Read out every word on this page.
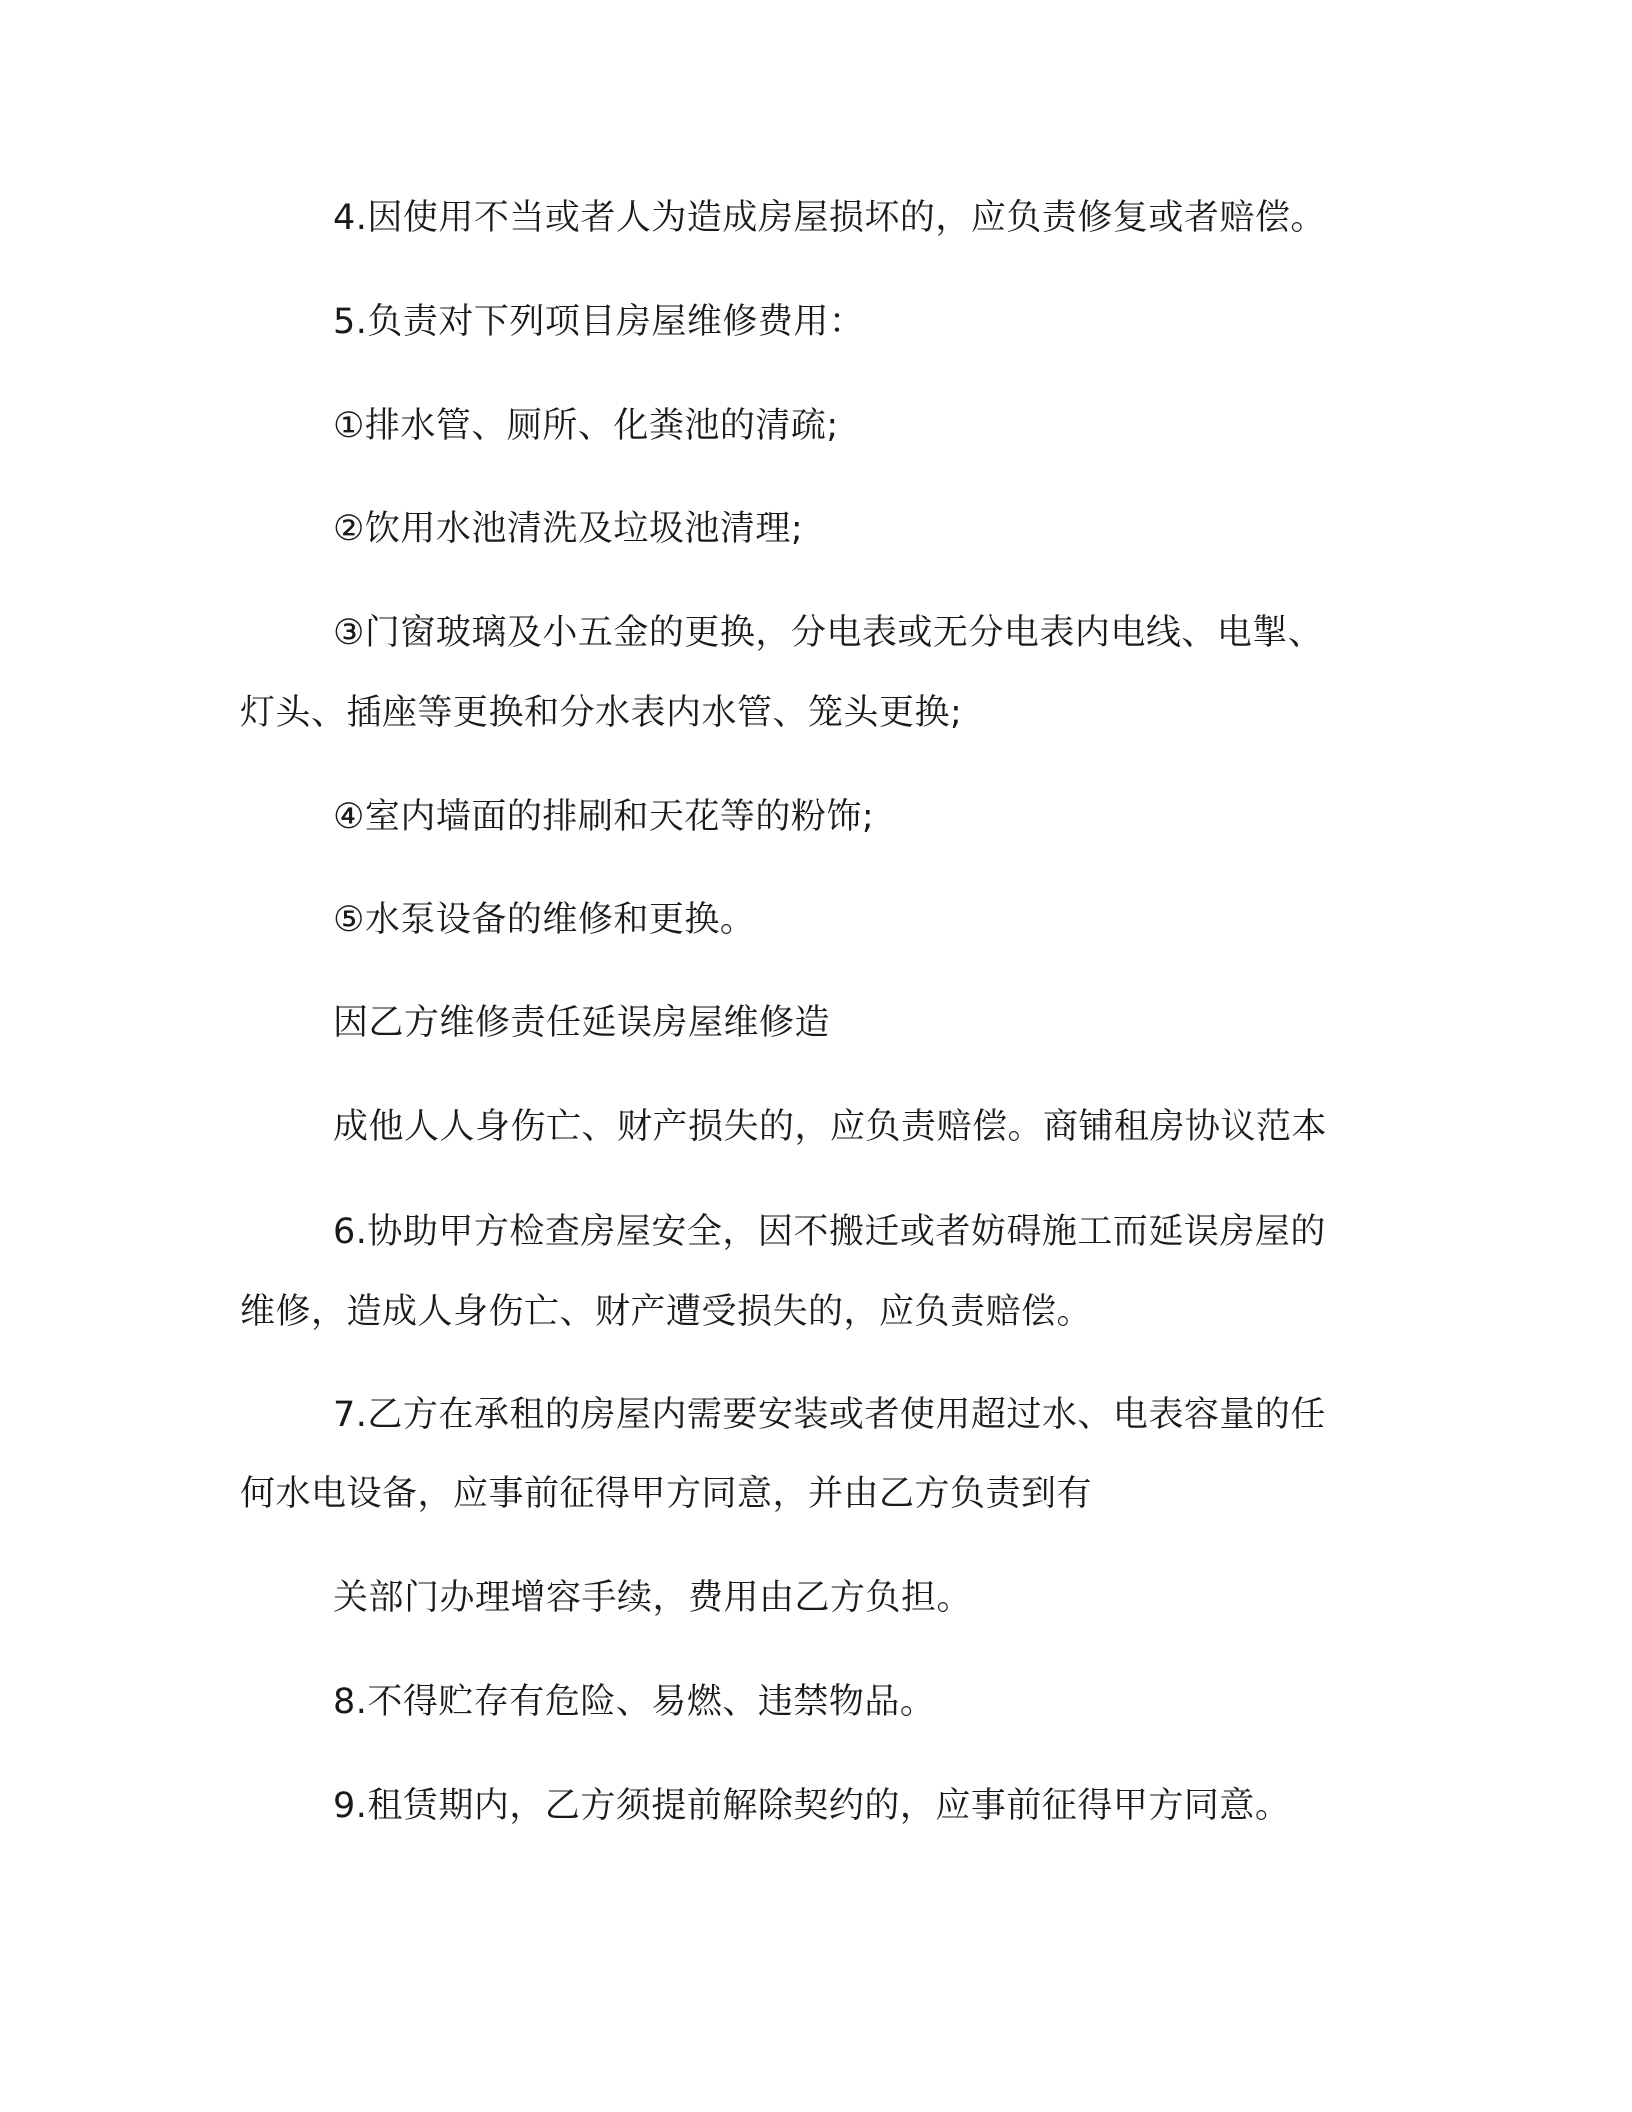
4.因使用不当或者人为造成房屋损坏的，应负责修复或者赔偿。
5.负责对下列项目房屋维修费用：
①排水管、厕所、化粪池的清疏;
②饮用水池清洗及垃圾池清理;
③门窗玻璃及小五金的更换，分电表或无分电表内电线、电掣、
灯头、插座等更换和分水表内水管、笼头更换;
④室内墙面的排刷和天花等的粉饰;
⑤水泵设备的维修和更换。
因乙方维修责任延误房屋维修造
成他人人身伤亡、财产损失的，应负责赔偿。商铺租房协议范本
6.协助甲方检查房屋安全，因不搬迁或者妨碍施工而延误房屋的
维修，造成人身伤亡、财产遭受损失的，应负责赔偿。
7.乙方在承租的房屋内需要安装或者使用超过水、电表容量的任
何水电设备，应事前征得甲方同意，并由乙方负责到有
关部门办理增容手续，费用由乙方负担。
8.不得贮存有危险、易燃、违禁物品。
9.租赁期内，乙方须提前解除契约的，应事前征得甲方同意。
